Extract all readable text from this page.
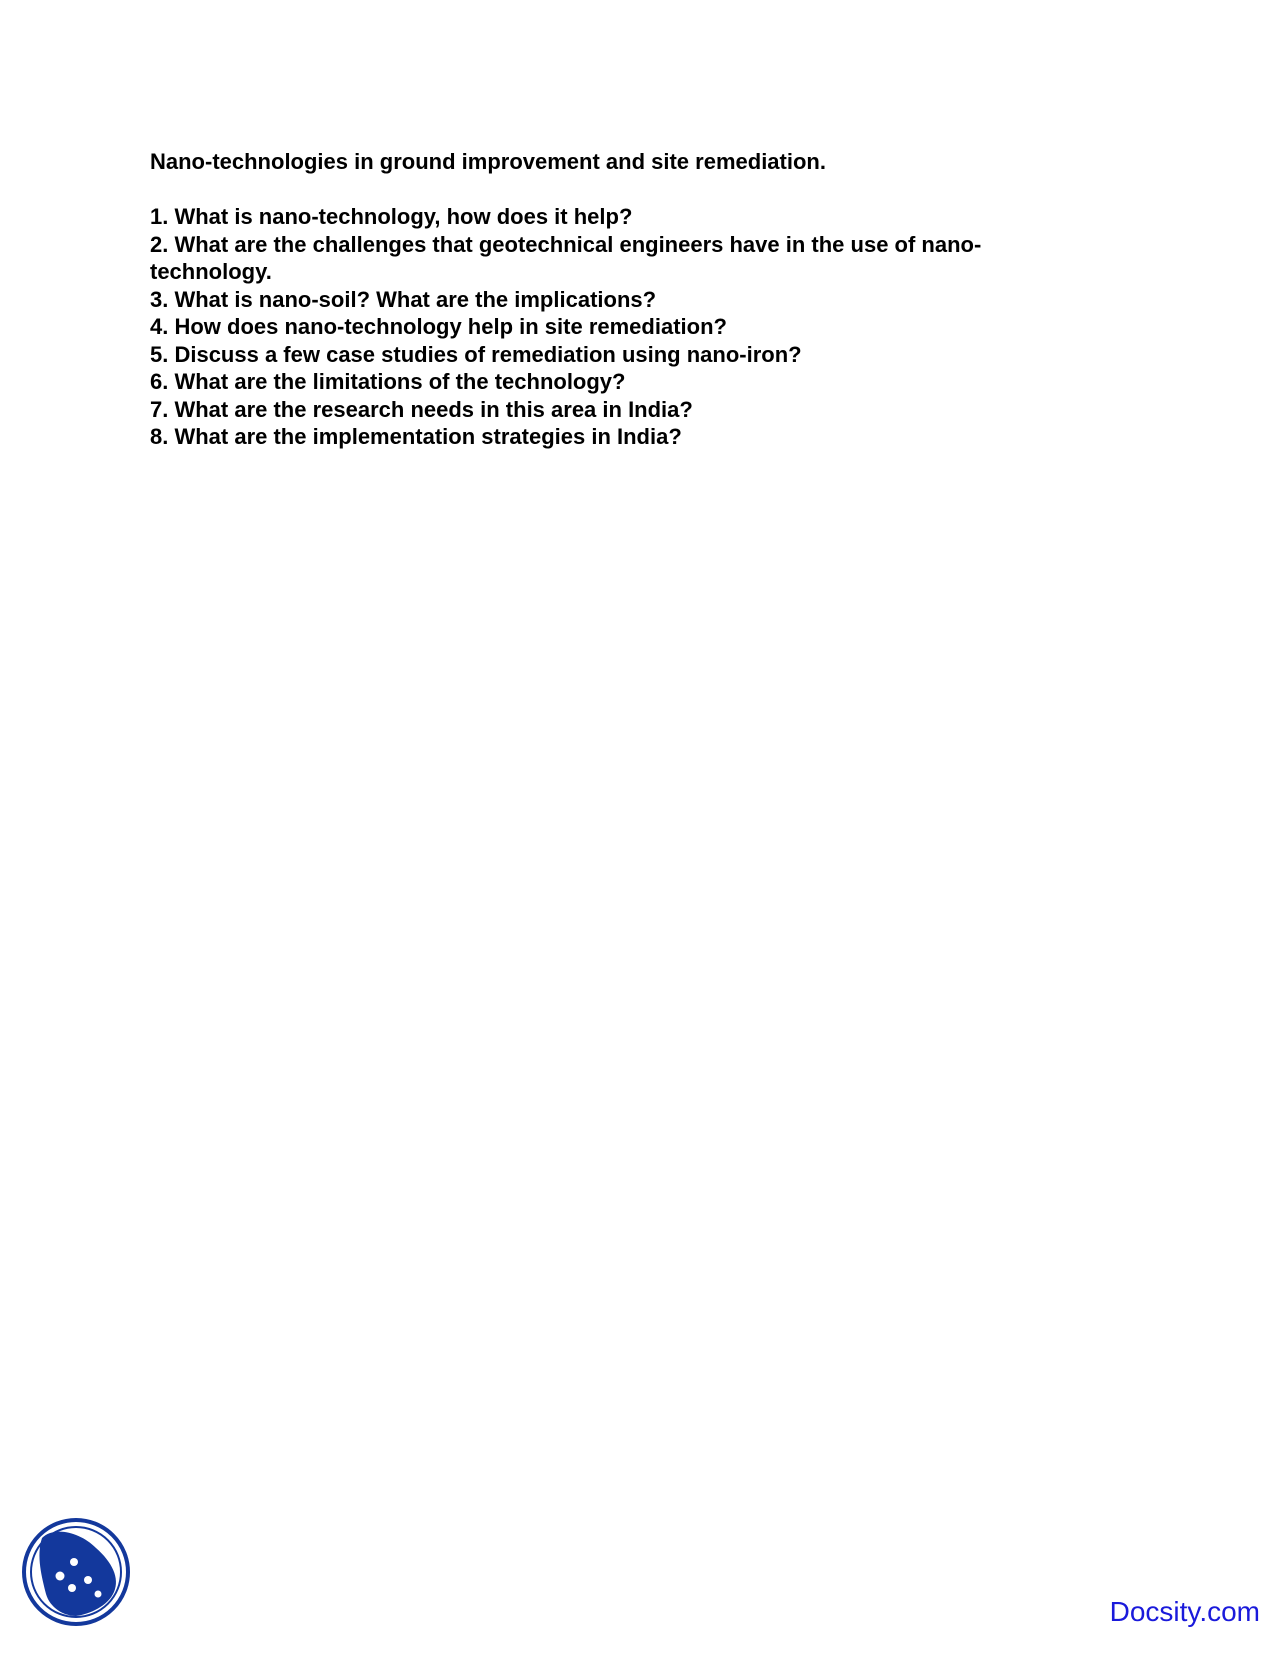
Nano-technologies in ground improvement and site remediation.
1. What is nano-technology, how does it help?
2. What are the challenges that geotechnical engineers have in the use of nano-technology.
3. What is nano-soil? What are the implications?
4. How does nano-technology help in site remediation?
5. Discuss a few case studies of remediation using nano-iron?
6. What are the limitations of the technology?
7. What are the research needs in this area in India?
8. What are the implementation strategies in India?
Docsity.com
